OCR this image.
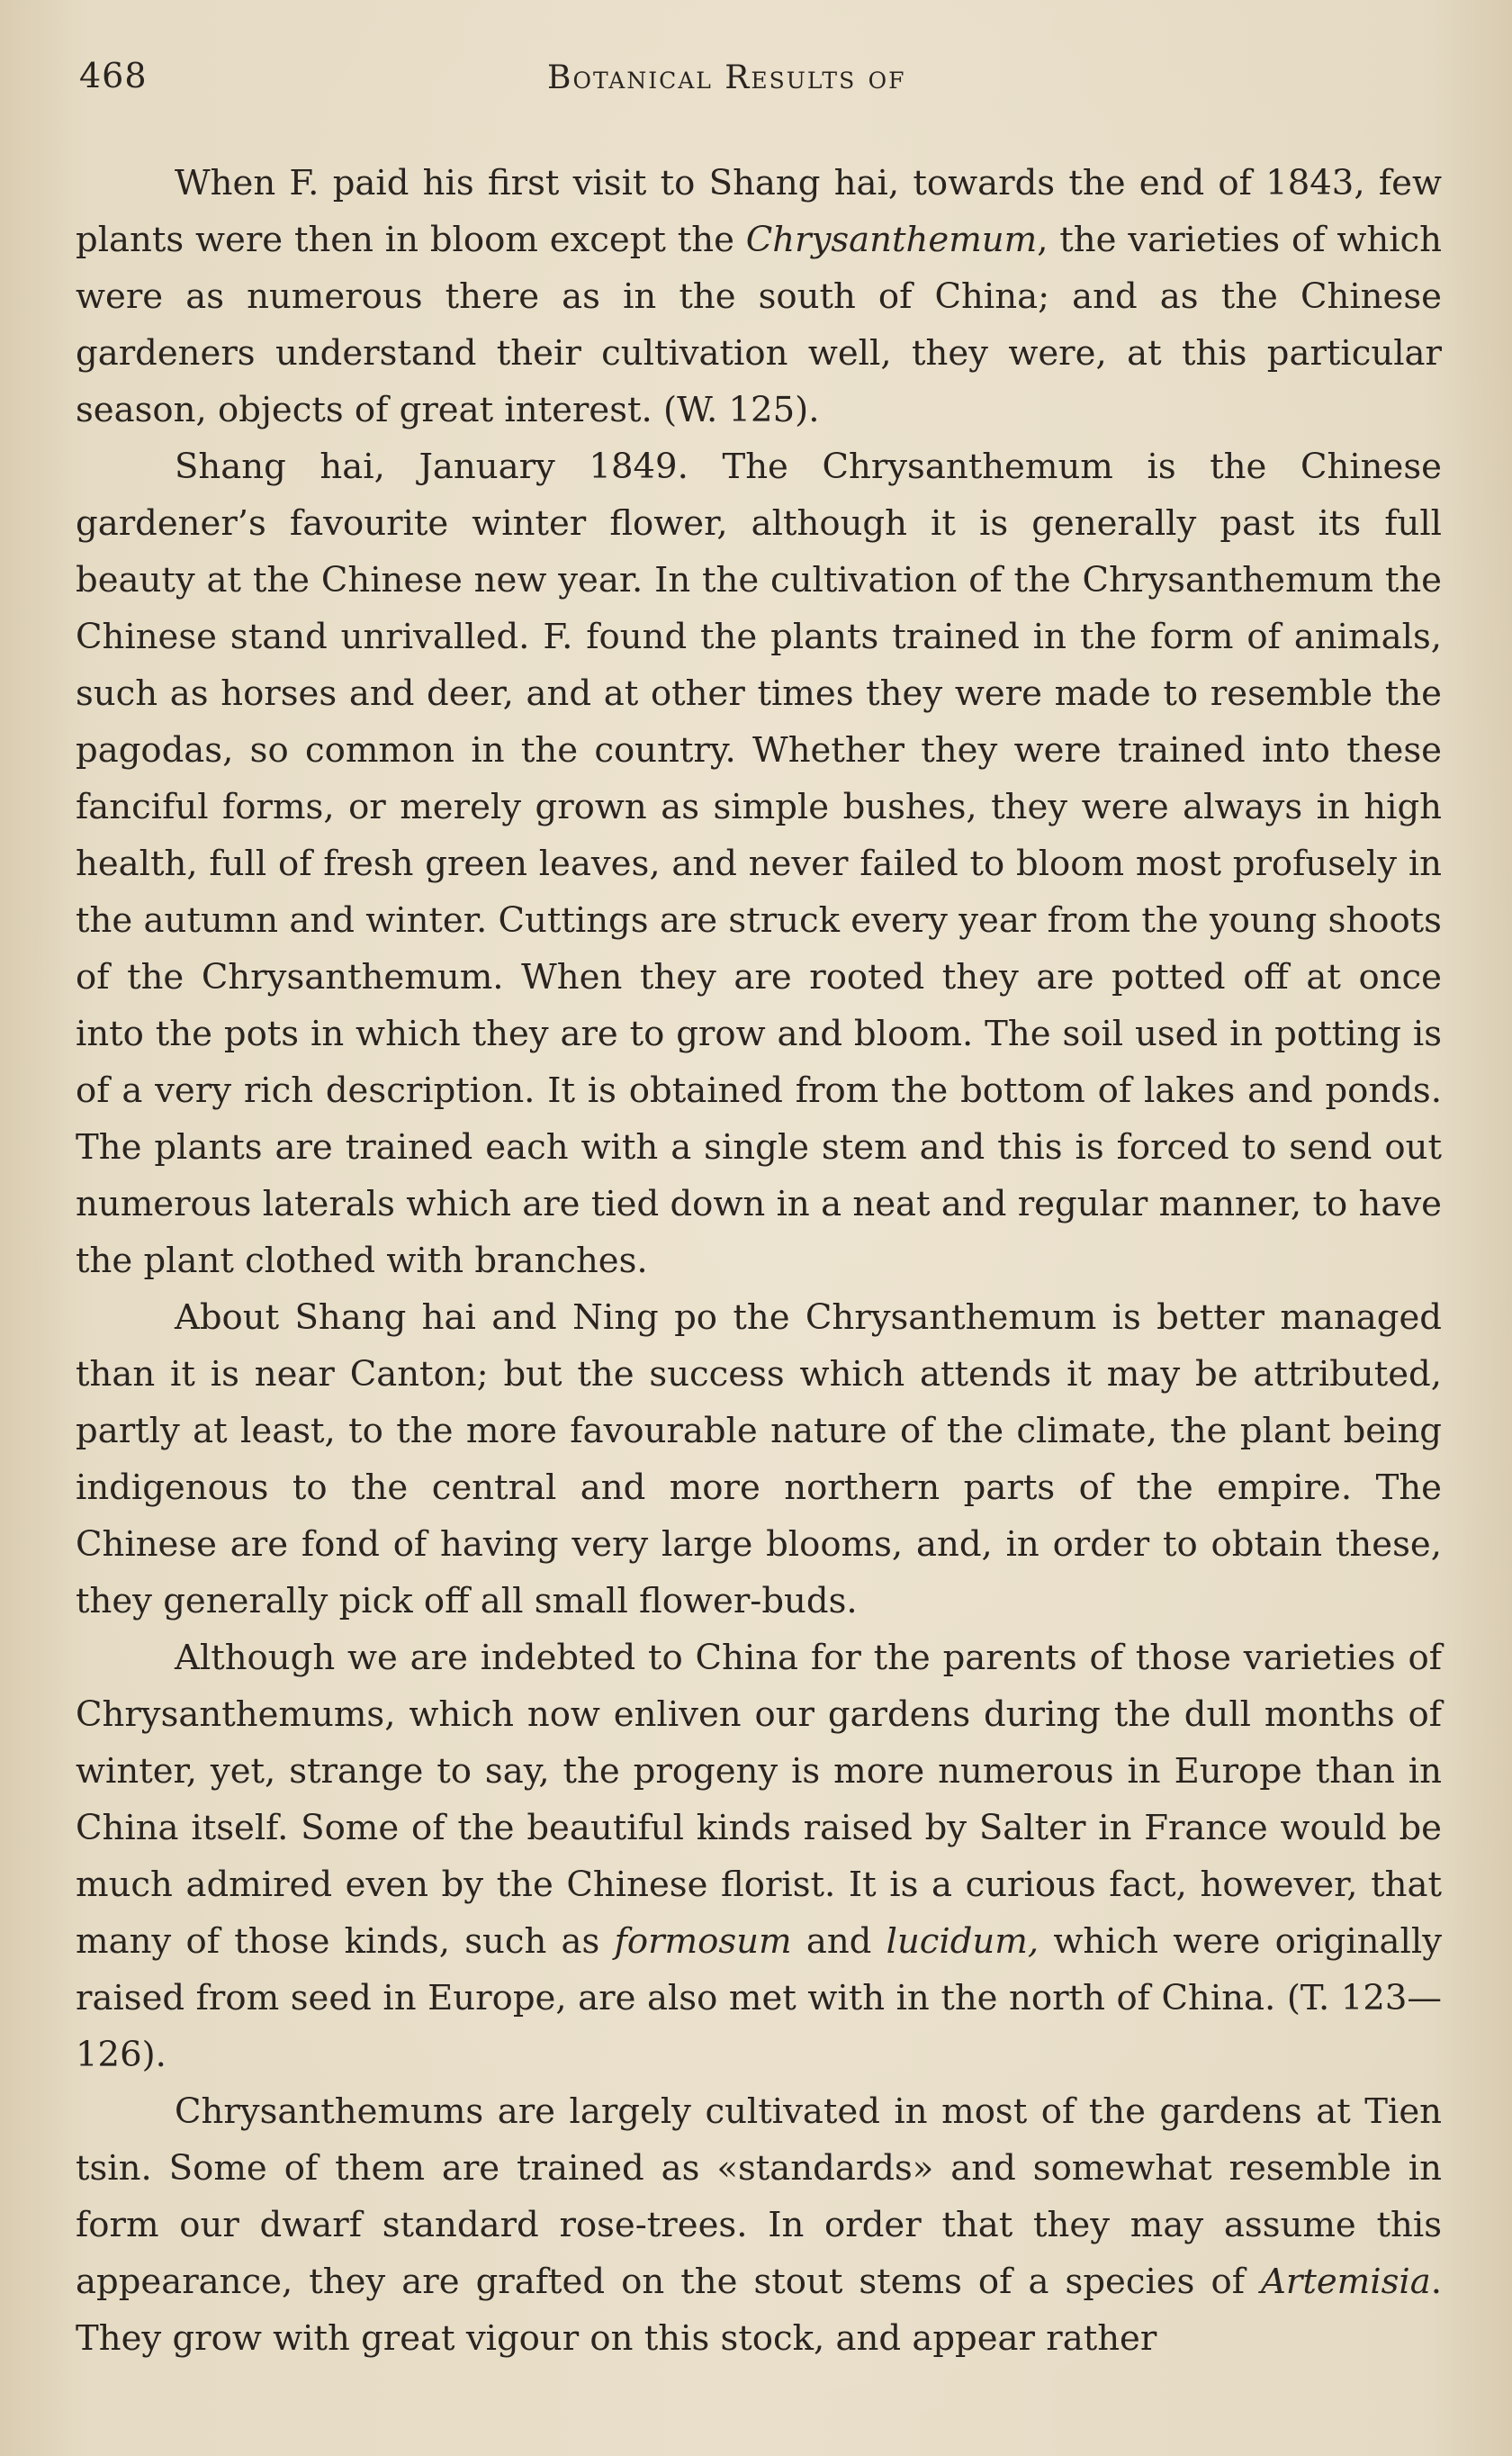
468	Botanical Results of

When F. paid his first visit to Shang hai, towards the end of 1843, few plants were then in bloom except the Chrysanthemum, the varieties of which were as numerous there as in the south of China; and as the Chinese gardeners understand their cultivation well, they were, at this particular season, objects of great interest. (W. 125).

Shang hai, January 1849. The Chrysanthemum is the Chinese gardener’s favourite winter flower, although it is generally past its full beauty at the Chinese new year. In the cultivation of the Chrysanthemum the Chinese stand unrivalled. F. found the plants trained in the form of animals, such as horses and deer, and at other times they were made to resemble the pagodas, so common in the country. Whether they were trained into these fanciful forms, or merely grown as simple bushes, they were always in high health, full of fresh green leaves, and never failed to bloom most profusely in the autumn and winter. Cuttings are struck every year from the young shoots of the Chrysanthemum. When they are rooted they are potted off at once into the pots in which they are to grow and bloom. The soil used in potting is of a very rich description. It is obtained from the bottom of lakes and ponds. The plants are trained each with a single stem and this is forced to send out numerous laterals which are tied down in a neat and regular manner, to have the plant clothed with branches.

About Shang hai and Ning po the Chrysanthemum is better managed than it is near Canton; but the success which attends it may be attributed, partly at least, to the more favourable nature of the climate, the plant being indigenous to the central and more northern parts of the empire. The Chinese are fond of having very large blooms, and, in order to obtain these, they generally pick off all small flower-buds.

Although we are indebted to China for the parents of those varieties of Chrysanthemums, which now enliven our gardens during the dull months of winter, yet, strange to say, the progeny is more numerous in Europe than in China itself. Some of the beautiful kinds raised by Salter in France would be much admired even by the Chinese florist. It is a curious fact, however, that many of those kinds, such as formosum and lucidum, which were originally raised from seed in Europe, are also met with in the north of China. (T. 123—126).

Chrysanthemums are largely cultivated in most of the gardens at Tien tsin. Some of them are trained as «standards» and somewhat resemble in form our dwarf standard rose-trees. In order that they may assume this appearance, they are grafted on the stout stems of a species of Artemisia. They grow with great vigour on this stock, and appear rather
